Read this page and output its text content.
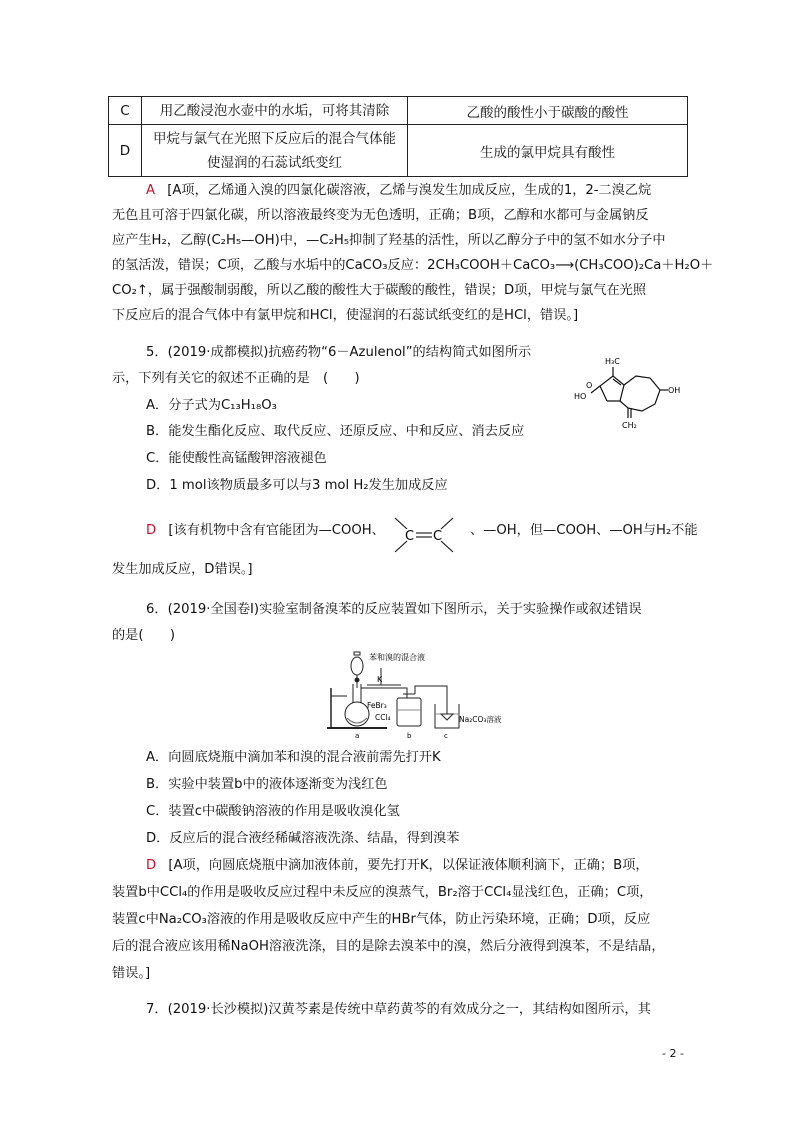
C	用乙酸浸泡水壶中的水垢，可将其清除	乙酸的酸性小于碳酸的酸性
D	甲烷与氯气在光照下反应后的混合气体能
使湿润的石蕊试纸变红	生成的氯甲烷具有酸性
A [A项，乙烯通入溴的四氯化碳溶液，乙烯与溴发生加成反应，生成的1，2-二溴乙烷
无色且可溶于四氯化碳，所以溶液最终变为无色透明，正确；B项，乙醇和水都可与金属钠反
应产生H₂，乙醇(C₂H₅—OH)中，—C₂H₅抑制了羟基的活性，所以乙醇分子中的氢不如水分子中
的氢活泼，错误；C项，乙酸与水垢中的CaCO₃反应：2CH₃COOH＋CaCO₃⟶(CH₃COO)₂Ca＋H₂O＋
CO₂↑，属于强酸制弱酸，所以乙酸的酸性大于碳酸的酸性，错误；D项，甲烷与氯气在光照
下反应后的混合气体中有氯甲烷和HCl，使湿润的石蕊试纸变红的是HCl，错误。]
5．(2019·成都模拟)抗癌药物“6－Azulenol”的结构简式如图所示
示，下列有关它的叙述不正确的是　(　　)
A．分子式为C₁₃H₁₈O₃
B．能发生酯化反应、取代反应、还原反应、中和反应、消去反应
C．能使酸性高锰酸钾溶液褪色
D．1 mol该物质最多可以与3 mol H₂发生加成反应
D [该有机物中含有官能团为—COOH、	、—OH，但—COOH、—OH与H₂不能
发生加成反应，D错误。]
H₃C
HO
O
OH
CH₂
C C
6．(2019·全国卷Ⅰ)实验室制备溴苯的反应装置如下图所示，关于实验操作或叙述错误
的是(　　)
A．向圆底烧瓶中滴加苯和溴的混合液前需先打开K
B．实验中装置b中的液体逐渐变为浅红色
C．装置c中碳酸钠溶液的作用是吸收溴化氢
D．反应后的混合液经稀碱溶液洗涤、结晶，得到溴苯
D [A项，向圆底烧瓶中滴加液体前，要先打开K，以保证液体顺利滴下，正确；B项，
装置b中CCl₄的作用是吸收反应过程中未反应的溴蒸气，Br₂溶于CCl₄显浅红色，正确；C项，
装置c中Na₂CO₃溶液的作用是吸收反应中产生的HBr气体，防止污染环境，正确；D项，反应
后的混合液应该用稀NaOH溶液洗涤，目的是除去溴苯中的溴，然后分液得到溴苯，不是结晶，
错误。]
苯和溴的混合液
K
FeBr₃
CCl₄	Na₂CO₃溶液
a	b	c
7．(2019·长沙模拟)汉黄芩素是传统中草药黄芩的有效成分之一，其结构如图所示，其
- 2 -
